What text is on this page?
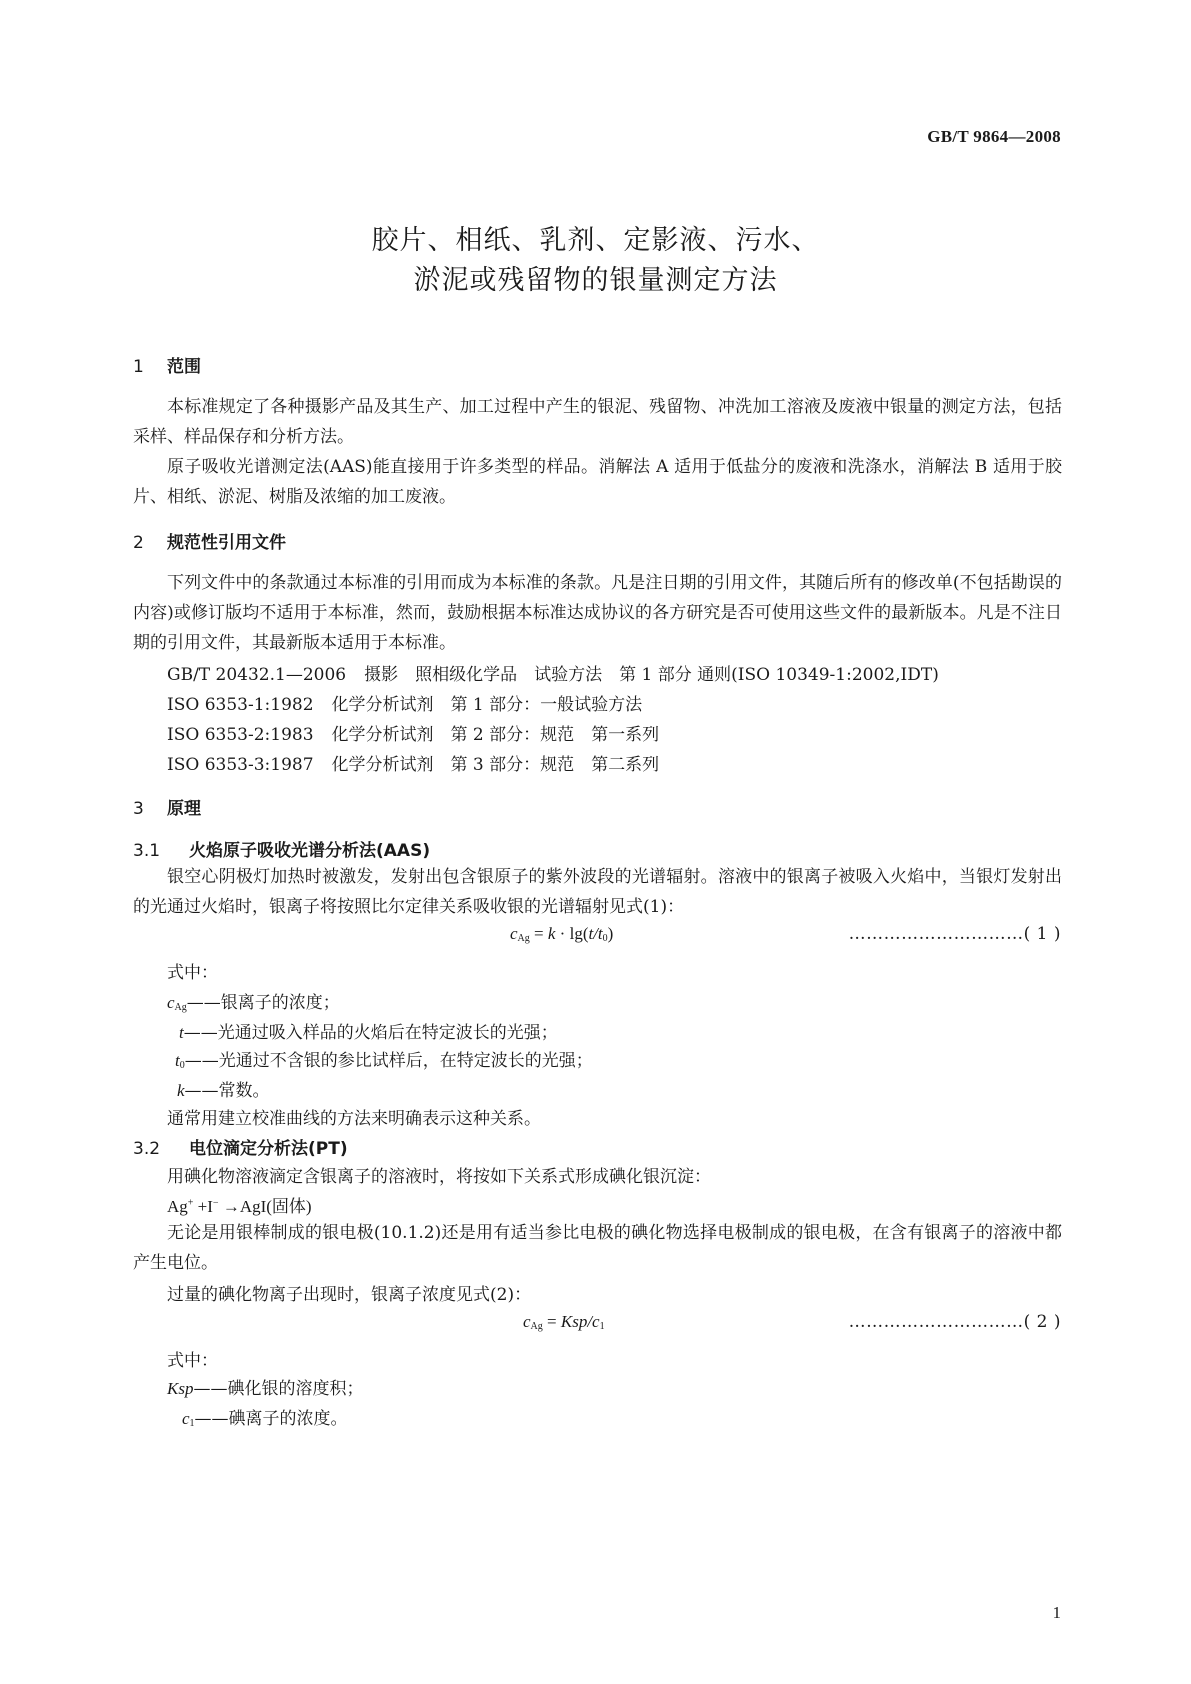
GB/T 9864—2008
胶片、相纸、乳剂、定影液、污水、
淤泥或残留物的银量测定方法
1 范围
本标准规定了各种摄影产品及其生产、加工过程中产生的银泥、残留物、冲洗加工溶液及废液中银量的测定方法，包括采样、样品保存和分析方法。
原子吸收光谱测定法(AAS)能直接用于许多类型的样品。消解法 A 适用于低盐分的废液和洗涤水，消解法 B 适用于胶片、相纸、淤泥、树脂及浓缩的加工废液。
2 规范性引用文件
下列文件中的条款通过本标准的引用而成为本标准的条款。凡是注日期的引用文件，其随后所有的修改单(不包括勘误的内容)或修订版均不适用于本标准，然而，鼓励根据本标准达成协议的各方研究是否可使用这些文件的最新版本。凡是不注日期的引用文件，其最新版本适用于本标准。
GB/T 20432.1—2006 摄影　照相级化学品　试验方法　第 1 部分 通则(ISO 10349-1:2002,IDT)
ISO 6353-1:1982 化学分析试剂　第 1 部分：一般试验方法
ISO 6353-2:1983 化学分析试剂　第 2 部分：规范　第一系列
ISO 6353-3:1987 化学分析试剂　第 3 部分：规范　第二系列
3 原理
3.1 火焰原子吸收光谱分析法(AAS)
银空心阴极灯加热时被激发，发射出包含银原子的紫外波段的光谱辐射。溶液中的银离子被吸入火焰中，当银灯发射出的光通过火焰时，银离子将按照比尔定律关系吸收银的光谱辐射见式(1)：
$c_{Ag} = k \cdot \lg(t/t_0)$	…………………………( 1 )
式中：
$c_{Ag}——$银离子的浓度；
t——光通过吸入样品的火焰后在特定波长的光强；
$t_0——$光通过不含银的参比试样后，在特定波长的光强；
k——常数。
通常用建立校准曲线的方法来明确表示这种关系。
3.2 电位滴定分析法(PT)
用碘化物溶液滴定含银离子的溶液时，将按如下关系式形成碘化银沉淀：
Ag+ +I− →AgI(固体)
无论是用银棒制成的银电极(10.1.2)还是用有适当参比电极的碘化物选择电极制成的银电极，在含有银离子的溶液中都产生电位。
过量的碘化物离子出现时，银离子浓度见式(2)：
$c_{Ag} = Ksp/c_1$	…………………………( 2 )
式中：
Ksp——碘化银的溶度积；
$c_1——$碘离子的浓度。
1
